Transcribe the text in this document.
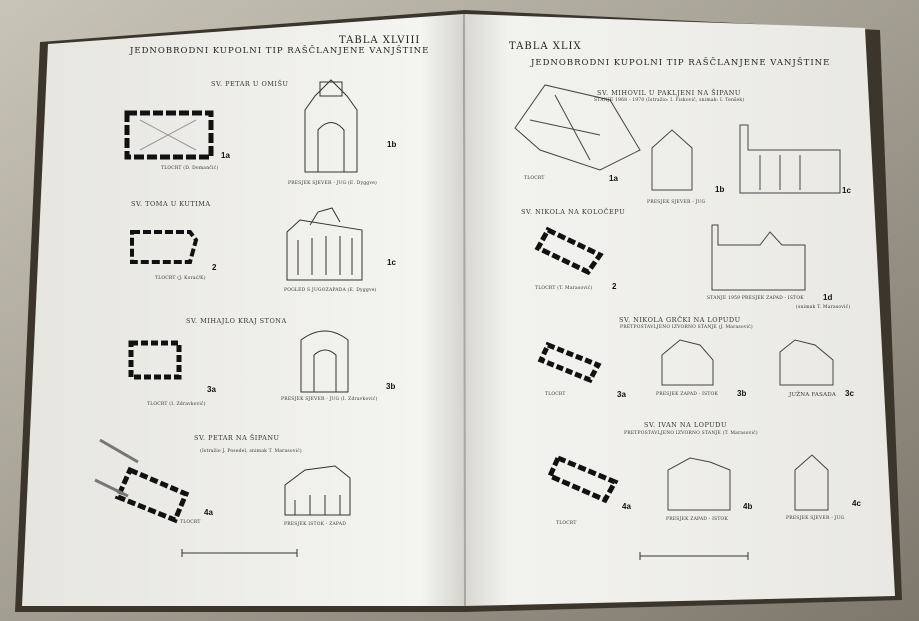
TABLA XLVIII
JEDNOBRODNI KUPOLNI TIP RAŠČLANJENE VANJŠTINE
SV. PETAR U OMIŠU
TLOCRT (D. Domančić)
1a
PRESJEK SJEVER - JUG (E. Dyggve)
1b
SV. TOMA U KUTIMA
TLOCRT (J. Korać/K)
2
POGLED S JUGOZAPADA (E. Dyggve)
1c
SV. MIHAJLO KRAJ STONA
TLOCRT (I. Zdravković)
3a
PRESJEK SJEVER - JUG (I. Zdravković)
3b
SV. PETAR NA ŠIPANU
(Istražio J. Posedel, snimak T. Marasović)
TLOCRT
4a
PRESJEK ISTOK - ZAPAD
TABLA XLIX
JEDNOBRODNI KUPOLNI TIP RAŠČLANJENE VANJŠTINE
SV. MIHOVIL U PAKLJENI NA ŠIPANU
STANJE 1968 - 1970 (Istražio: I. Fisković, snimak: I. Tenšek)
TLOCRT	1a
PRESJEK SJEVER - JUG
1b	1c
SV. NIKOLA NA KOLOČEPU
TLOCRT (T. Marasović) 2
STANJE 1959 PRESJEK ZAPAD - ISTOK 1d
(snimak T. Marasović)
SV. NIKOLA GRČKI NA LOPUDU
PRETPOSTAVLJENO IZVORNO STANJE (J. Marasović)
TLOCRT	3a	PRESJEK ZAPAD - ISTOK 3b	JUŽNA FASADA 3c
SV. IVAN NA LOPUDU
PRETPOSTAVLJENO IZVORNO STANJE (T. Marasović)
TLOCRT
4a
PRESJEK ZAPAD - ISTOK
4b
PRESJEK SJEVER - JUG
4c
